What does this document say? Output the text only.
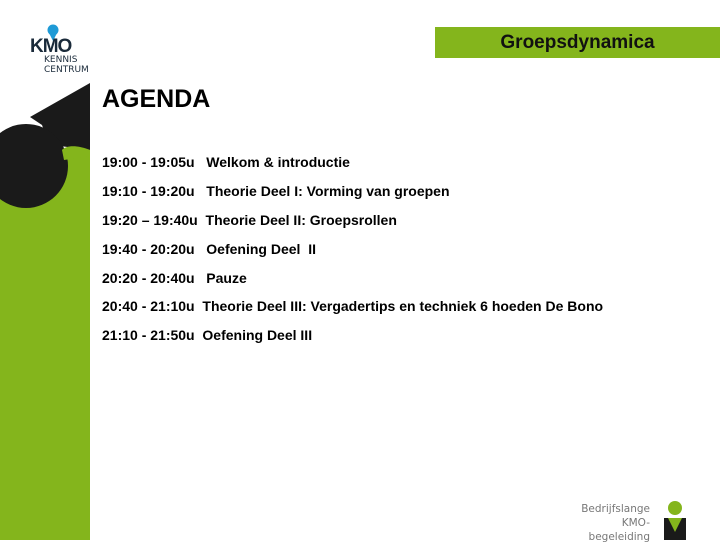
KMO
KENNIS
CENTRUM
Groepsdynamica
AGENDA
19:00 - 19:05u Welkom & introductie
19:10 - 19:20u Theorie Deel I: Vorming van groepen
19:20 – 19:40u Theorie Deel II: Groepsrollen
19:40 - 20:20u Oefening Deel  II
20:20 - 20:40u Pauze
20:40 - 21:10u Theorie Deel III: Vergadertips en techniek 6 hoeden De Bono
21:10 - 21:50u Oefening Deel III
Bedrijfslange
KMO-begeleiding
